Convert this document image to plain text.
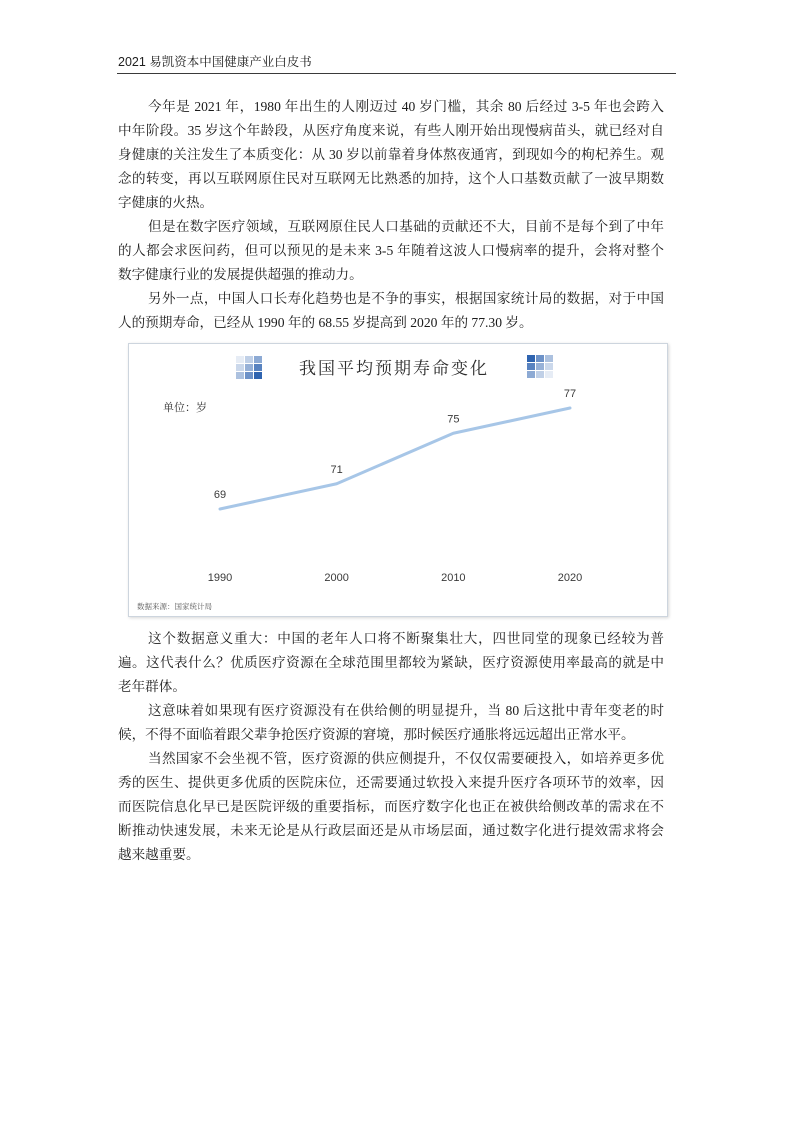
2021 易凯资本中国健康产业白皮书
今年是 2021 年，1980 年出生的人刚迈过 40 岁门槛，其余 80 后经过 3-5 年也会跨入
中年阶段。35 岁这个年龄段，从医疗角度来说，有些人刚开始出现慢病苗头，就已经对自
身健康的关注发生了本质变化：从 30 岁以前靠着身体熬夜通宵，到现如今的枸杞养生。观
念的转变，再以互联网原住民对互联网无比熟悉的加持，这个人口基数贡献了一波早期数
字健康的火热。
但是在数字医疗领域，互联网原住民人口基础的贡献还不大，目前不是每个到了中年
的人都会求医问药，但可以预见的是未来 3-5 年随着这波人口慢病率的提升，会将对整个
数字健康行业的发展提供超强的推动力。
另外一点，中国人口长寿化趋势也是不争的事实，根据国家统计局的数据，对于中国
人的预期寿命，已经从 1990 年的 68.55 岁提高到 2020 年的 77.30 岁。
我国平均预期寿命变化
单位：岁
69
71
75
77
1990	2000	2010	2020
数据来源：国家统计局
这个数据意义重大：中国的老年人口将不断聚集壮大，四世同堂的现象已经较为普
遍。这代表什么？优质医疗资源在全球范围里都较为紧缺，医疗资源使用率最高的就是中
老年群体。
这意味着如果现有医疗资源没有在供给侧的明显提升，当 80 后这批中青年变老的时
候，不得不面临着跟父辈争抢医疗资源的窘境，那时候医疗通胀将远远超出正常水平。
当然国家不会坐视不管，医疗资源的供应侧提升，不仅仅需要硬投入，如培养更多优
秀的医生、提供更多优质的医院床位，还需要通过软投入来提升医疗各项环节的效率，因
而医院信息化早已是医院评级的重要指标，而医疗数字化也正在被供给侧改革的需求在不
断推动快速发展，未来无论是从行政层面还是从市场层面，通过数字化进行提效需求将会
越来越重要。
